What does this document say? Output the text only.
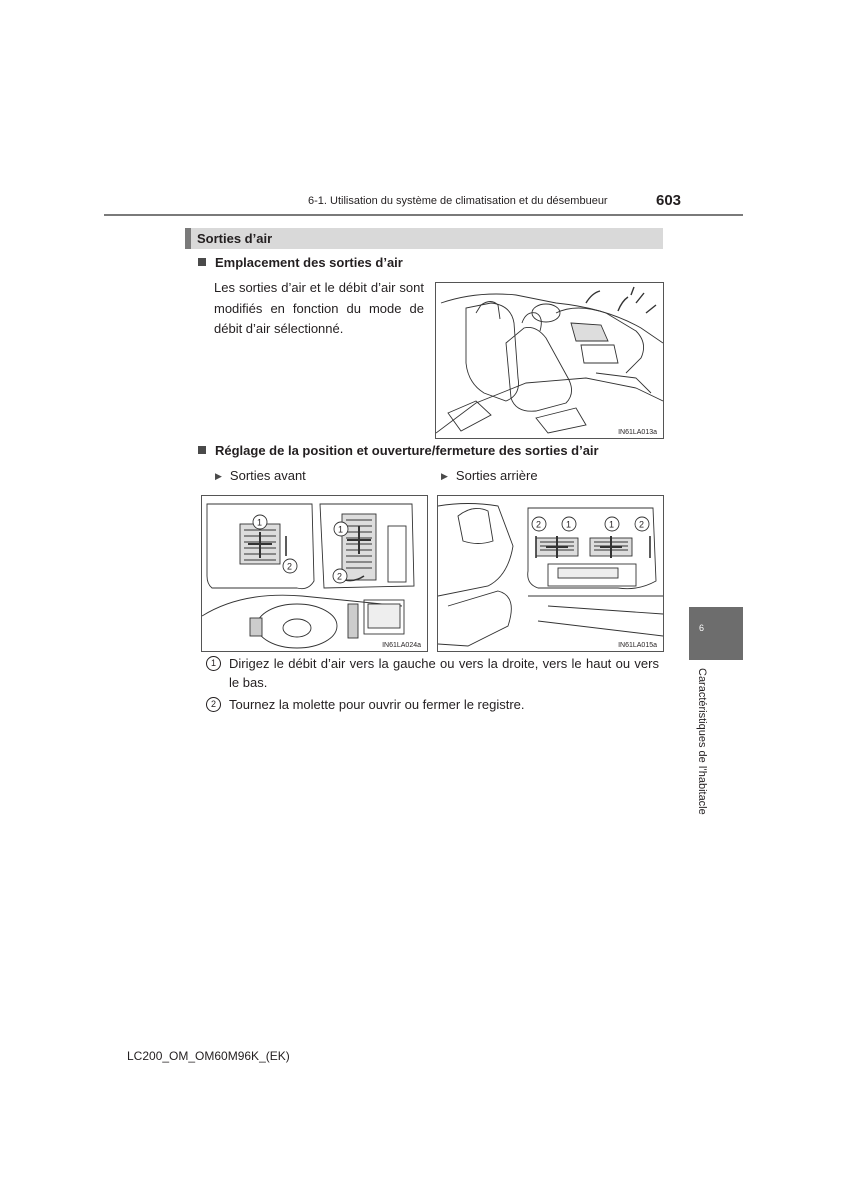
6-1. Utilisation du système de climatisation et du désembueur	603
Sorties d’air
Emplacement des sorties d’air
Les sorties d’air et le débit d’air sont modifiés en fonction du mode de débit d’air sélectionné.
IN61LA013a
Réglage de la position et ouverture/fermeture des sorties d’air
▶ Sorties avant	▶ Sorties arrière
1
2
1
2
IN61LA024a
2	1	1	2
IN61LA015a
1	Dirigez le débit d’air vers la gauche ou vers la droite, vers le haut ou vers le bas.
2	Tournez la molette pour ouvrir ou fermer le registre.
6
Caractéristiques de l’habitacle
LC200_OM_OM60M96K_(EK)
